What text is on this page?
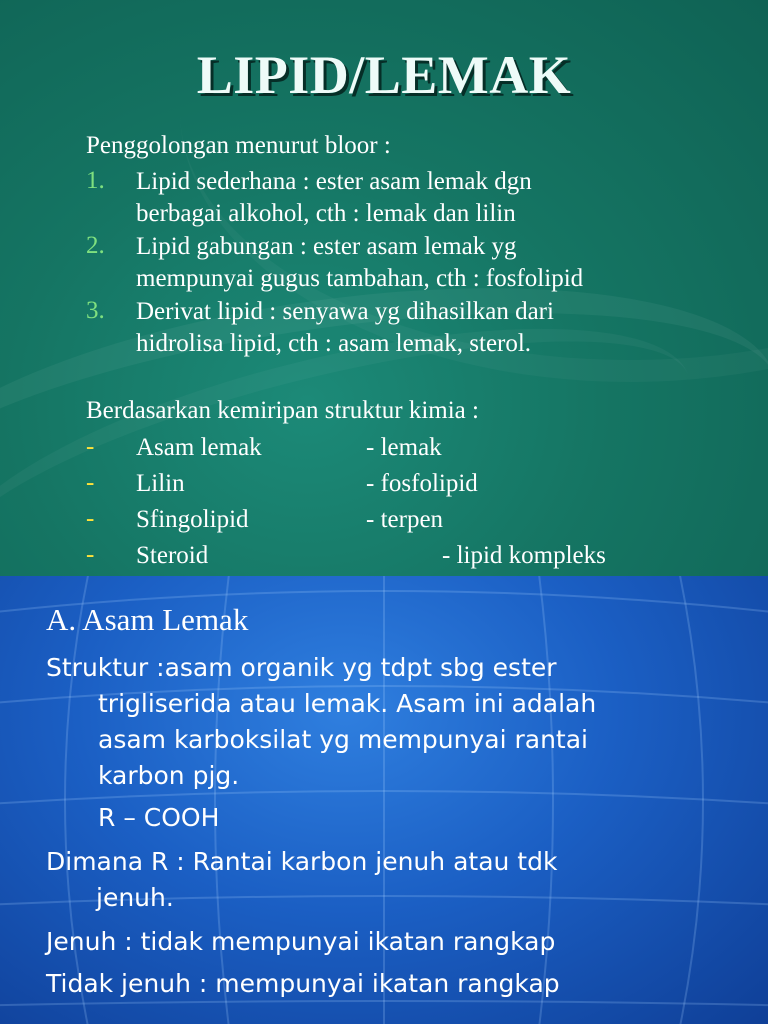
LIPID/LEMAK
Penggolongan menurut bloor :
1. Lipid sederhana : ester asam lemak dgn
berbagai alkohol, cth : lemak dan lilin
2. Lipid gabungan : ester asam lemak yg
mempunyai gugus tambahan, cth : fosfolipid
3. Derivat lipid : senyawa yg dihasilkan dari
hidrolisa lipid, cth : asam lemak, sterol.
Berdasarkan kemiripan struktur kimia :
- Asam lemak	- lemak
- Lilin	- fosfolipid
- Sfingolipid	- terpen
- Steroid	- lipid kompleks
A. Asam Lemak
Struktur :asam organik yg tdpt sbg ester
trigliserida atau lemak. Asam ini adalah
asam karboksilat yg mempunyai rantai
karbon pjg.
R – COOH
Dimana R : Rantai karbon jenuh atau tdk
jenuh.
Jenuh : tidak mempunyai ikatan rangkap
Tidak jenuh : mempunyai ikatan rangkap
